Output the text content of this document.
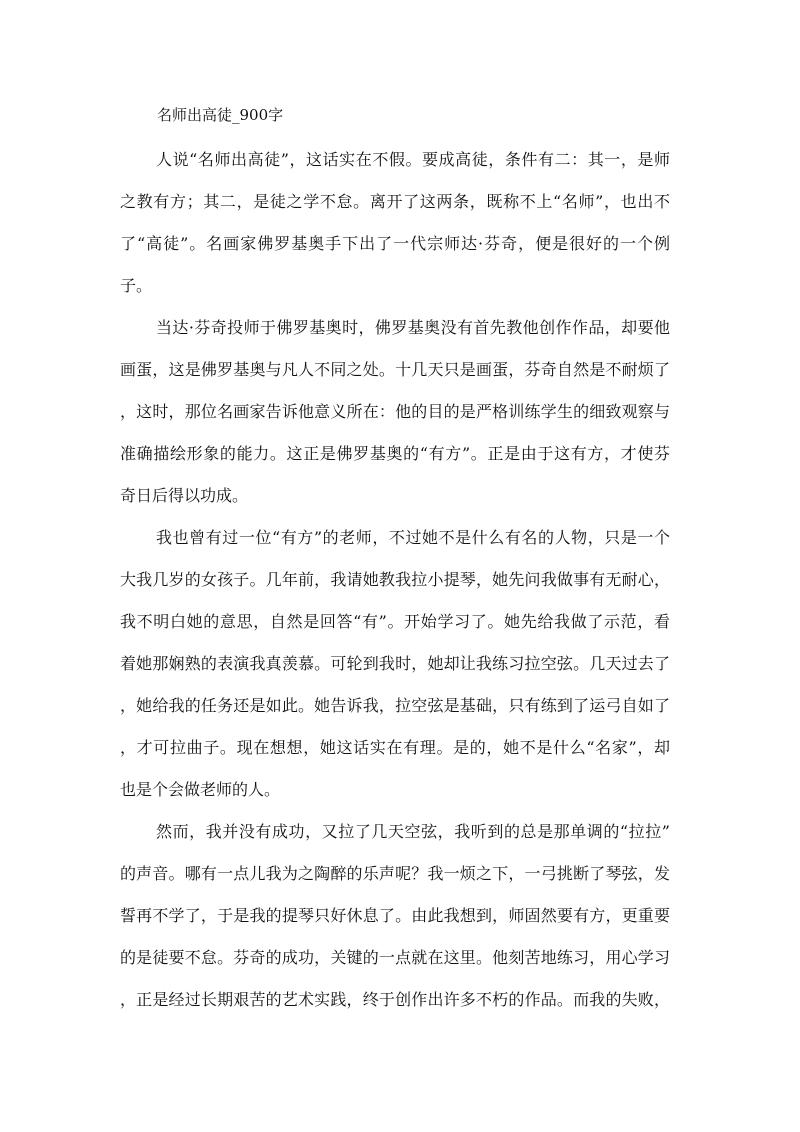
名师出高徒_900字
人说“名师出高徒”，这话实在不假。要成高徒，条件有二：其一，是师
之教有方；其二，是徒之学不怠。离开了这两条，既称不上“名师”，也出不
了“高徒”。名画家佛罗基奥手下出了一代宗师达·芬奇，便是很好的一个例
子。
当达·芬奇投师于佛罗基奥时，佛罗基奥没有首先教他创作作品，却要他
画蛋，这是佛罗基奥与凡人不同之处。十几天只是画蛋，芬奇自然是不耐烦了
，这时，那位名画家告诉他意义所在：他的目的是严格训练学生的细致观察与
准确描绘形象的能力。这正是佛罗基奥的“有方”。正是由于这有方，才使芬
奇日后得以功成。
我也曾有过一位“有方”的老师，不过她不是什么有名的人物，只是一个
大我几岁的女孩子。几年前，我请她教我拉小提琴，她先问我做事有无耐心，
我不明白她的意思，自然是回答“有”。开始学习了。她先给我做了示范，看
着她那娴熟的表演我真羡慕。可轮到我时，她却让我练习拉空弦。几天过去了
，她给我的任务还是如此。她告诉我，拉空弦是基础，只有练到了运弓自如了
，才可拉曲子。现在想想，她这话实在有理。是的，她不是什么“名家”，却
也是个会做老师的人。
然而，我并没有成功，又拉了几天空弦，我听到的总是那单调的“拉拉”
的声音。哪有一点儿我为之陶醉的乐声呢？我一烦之下，一弓挑断了琴弦，发
誓再不学了，于是我的提琴只好休息了。由此我想到，师固然要有方，更重要
的是徒要不怠。芬奇的成功，关键的一点就在这里。他刻苦地练习，用心学习
，正是经过长期艰苦的艺术实践，终于创作出许多不朽的作品。而我的失败，
